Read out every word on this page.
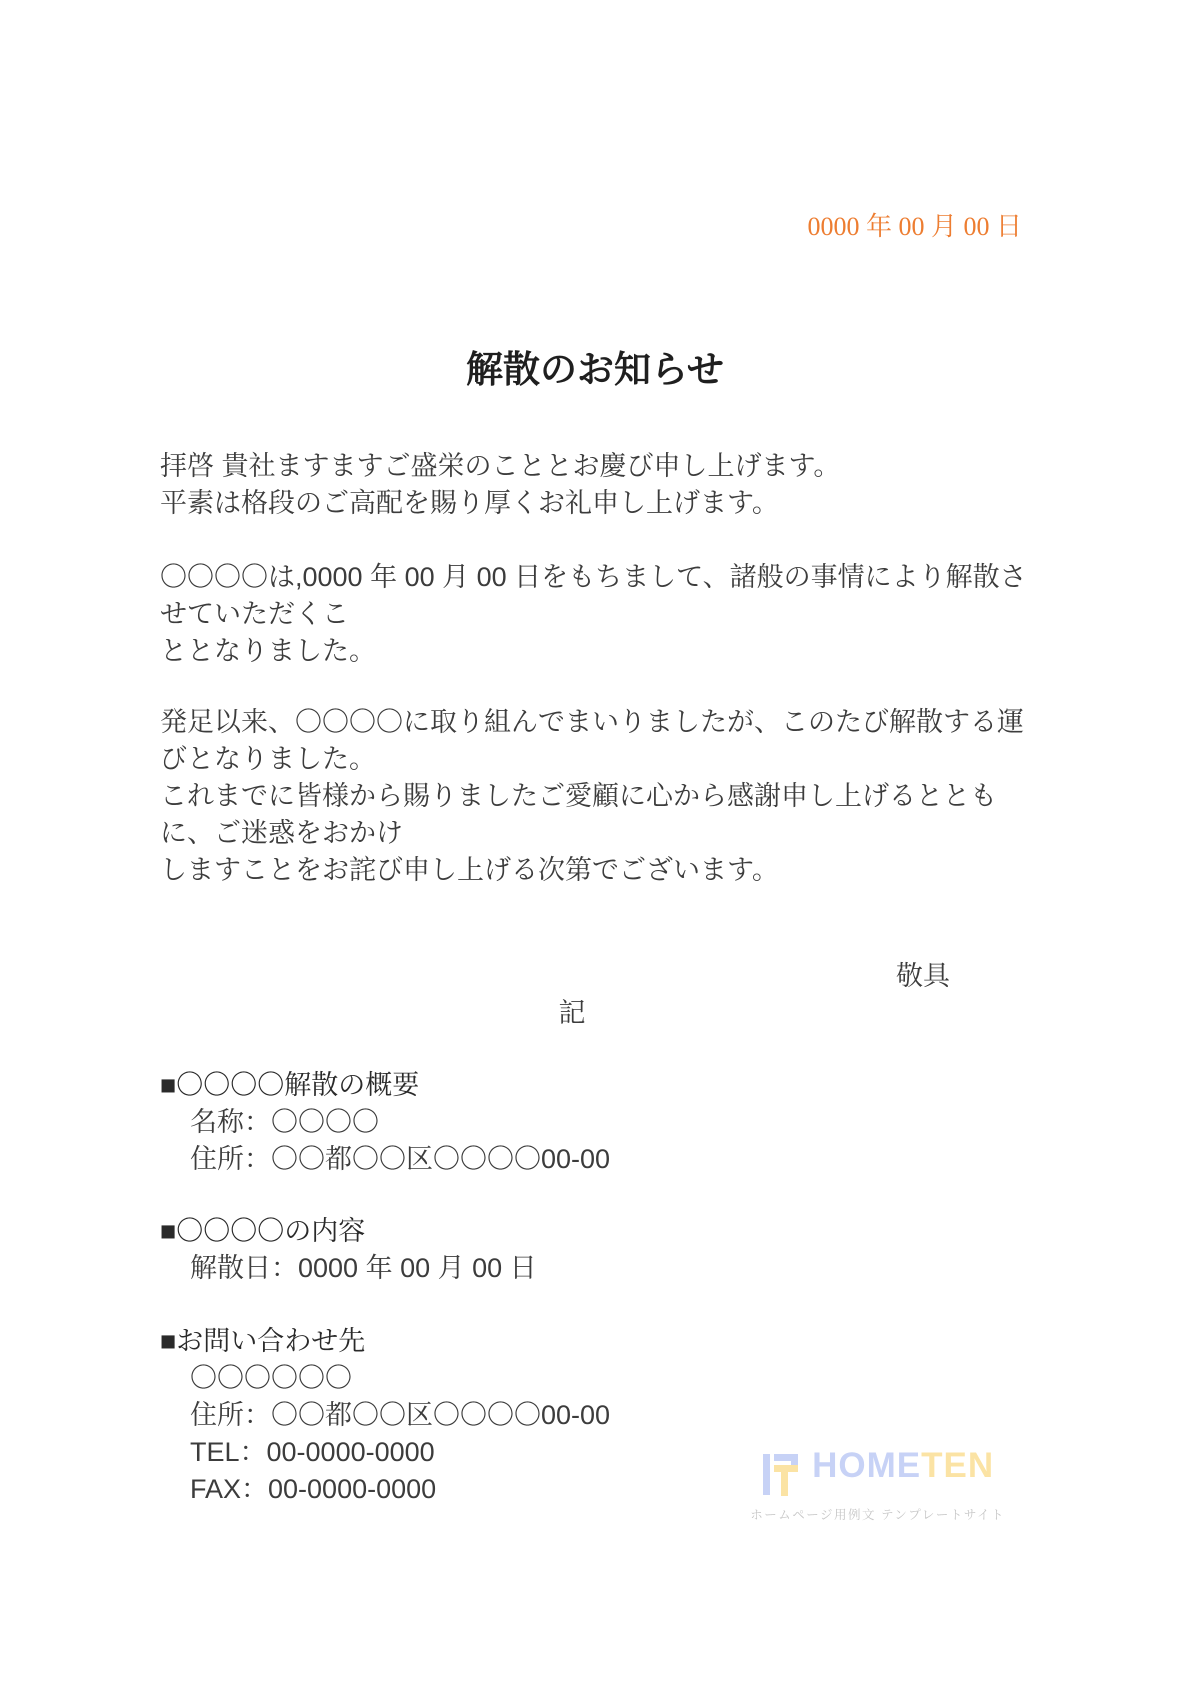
0000 年 00 月 00 日
解散のお知らせ
拝啓 貴社ますますご盛栄のこととお慶び申し上げます。
平素は格段のご高配を賜り厚くお礼申し上げます。
〇〇〇〇は,0000 年 00 月 00 日をもちまして、諸般の事情により解散させていただくこ
ととなりました。
発足以来、〇〇〇〇に取り組んでまいりましたが、このたび解散する運びとなりました。
これまでに皆様から賜りましたご愛顧に心から感謝申し上げるとともに、ご迷惑をおかけ
しますことをお詫び申し上げる次第でございます。
敬具
記
■〇〇〇〇解散の概要
名称：〇〇〇〇
住所：〇〇都〇〇区〇〇〇〇00-00
■〇〇〇〇の内容
解散日：0000 年 00 月 00 日
■お問い合わせ先
〇〇〇〇〇〇
住所：〇〇都〇〇区〇〇〇〇00-00
TEL：00-0000-0000
FAX：00-0000-0000
HOMETEN
ホームページ用例文 テンプレートサイト
